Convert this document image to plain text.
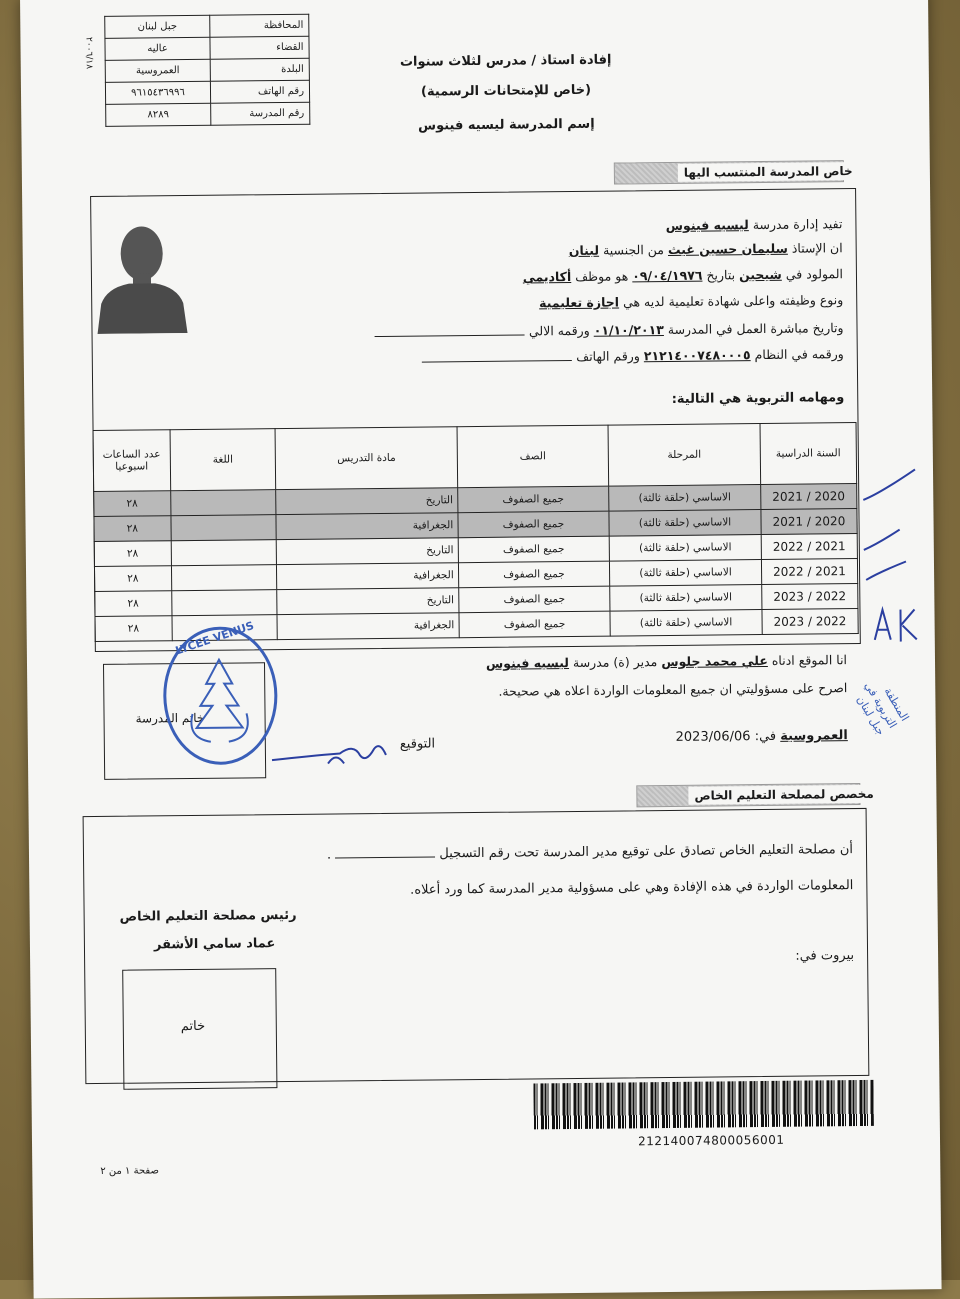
جبل لبنان	المحافظة
عاليه	القضاء
العمروسية	البلدة
٩٦١٥٤٣٦٩٩٦	رقم الهاتف
٨٢٨٩	رقم المدرسة
٢٠٠٦/١٨	إفادة استاذ / مدرس لثلاث سنوات
(خاص للإمتحانات الرسمية)
إسم المدرسة ليسيه فينوس
خاص المدرسة المنتسب اليها
تفيد إدارة مدرسة ليسيه فينوس
ان الإستاذ سليمان حسين غيث من الجنسية لبنان
المولود في شيحين بتاريخ ٠٩/٠٤/١٩٧٦ هو موظف أكاديمي
ونوع وظيفته واعلى شهادة تعليمية لديه هي اجازة تعليمية
وتاريخ مباشرة العمل في المدرسة ٠١/١٠/٢٠١٣ ورقمه الالي
ورقمه في النظام ٢١٢١٤٠٠٧٤٨٠٠٠٥ ورقم الهاتف
ومهامه التربوية هي التالية:
السنة الدراسية	المرحلة	الصف	مادة التدريس	اللغة	عدد الساعات اسبوعيا
2020 / 2021	الاساسي (حلقة ثالثة)	جميع الصفوف	التاريخ		٢٨
2020 / 2021	الاساسي (حلقة ثالثة)	جميع الصفوف	الجغرافية		٢٨
2021 / 2022	الاساسي (حلقة ثالثة)	جميع الصفوف	التاريخ		٢٨
2021 / 2022	الاساسي (حلقة ثالثة)	جميع الصفوف	الجغرافية		٢٨
2022 / 2023	الاساسي (حلقة ثالثة)	جميع الصفوف	التاريخ		٢٨
2022 / 2023	الاساسي (حلقة ثالثة)	جميع الصفوف	الجغرافية		٢٨
انا الموقع ادناه علي محمد جلوس مدير (ة) مدرسة ليسيه فينوس
اصرح على مسؤوليتي ان جميع المعلومات الواردة اعلاه هي صحيحة.
العمروسية في: 2023/06/06
التوقيع
خاتم المدرسة
LYCEE VENUS
المنطقة التربوية في جبل لبنان
مخصص لمصلحة التعليم الخاص
أن مصلحة التعليم الخاص تصادق على توقيع مدير المدرسة تحت رقم التسجيل  .
المعلومات الواردة في هذه الإفادة وهي على مسؤولية مدير المدرسة كما ورد أعلاه.
رئيس مصلحة التعليم الخاص
عماد سامي الأشقر
بيروت في:
خاتم
212140074800056001
صفحة ١ من ٢
